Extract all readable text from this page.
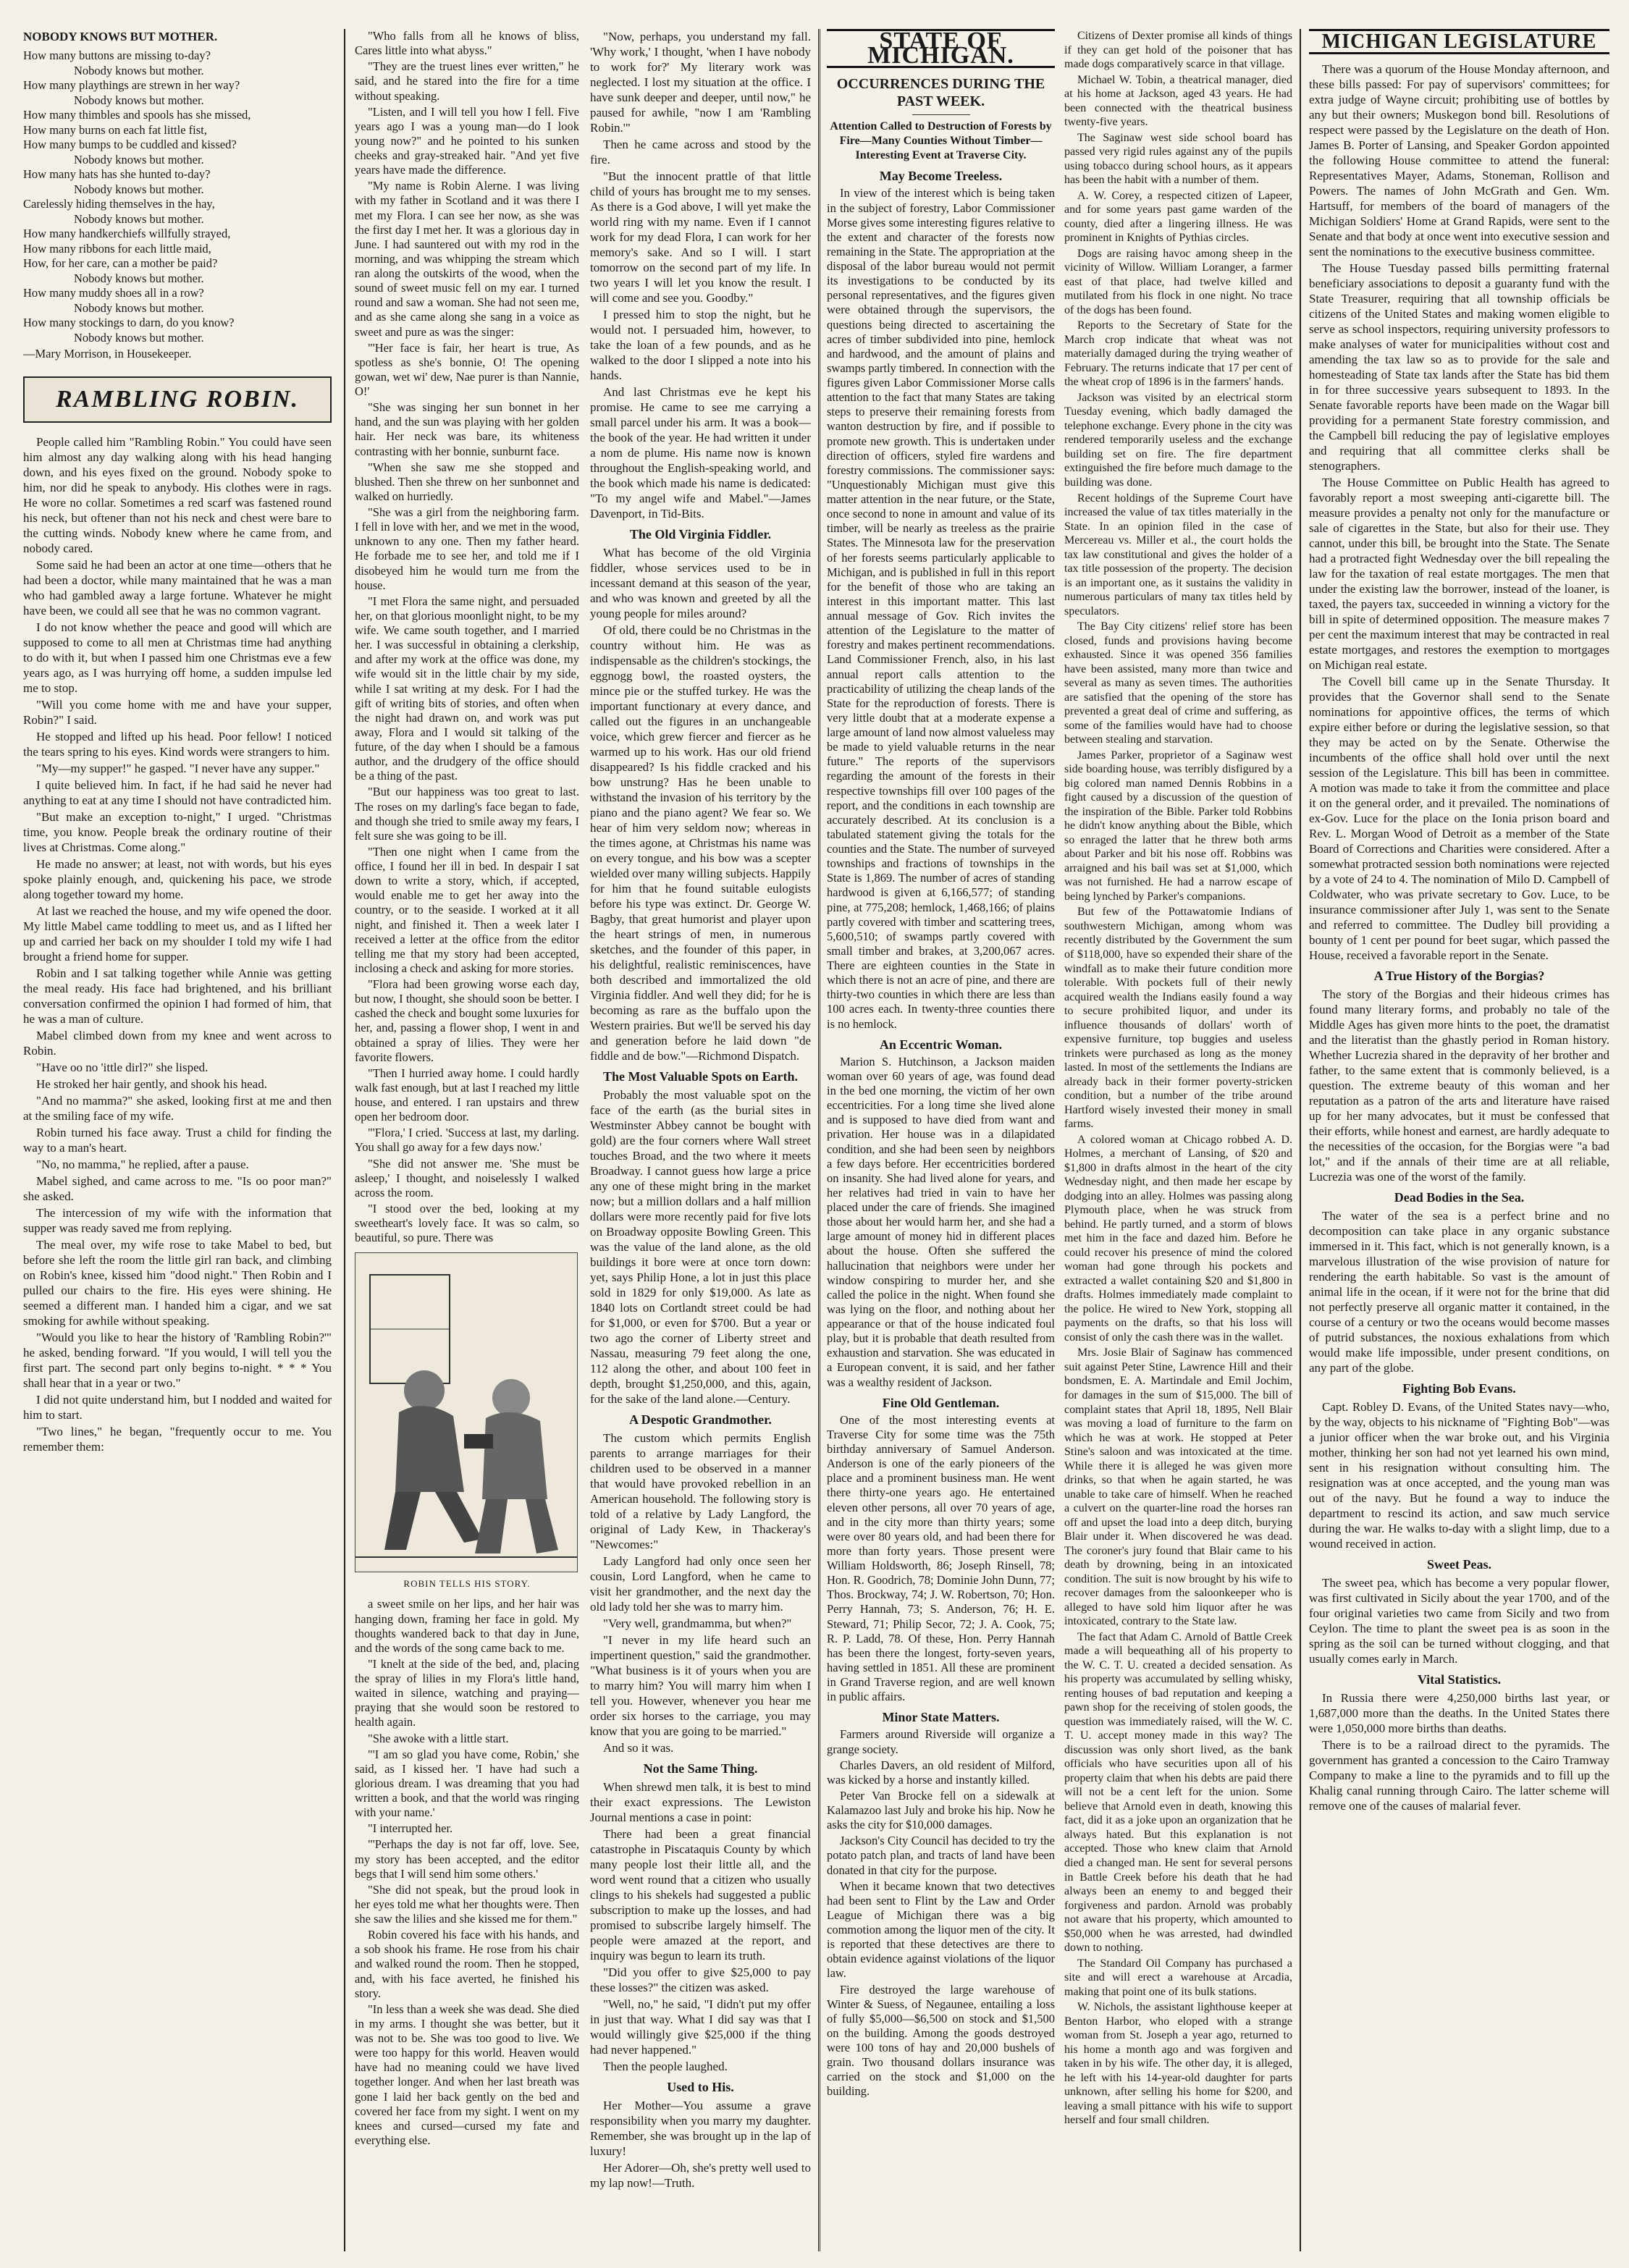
NOBODY KNOWS BUT MOTHER.
How many buttons are missing to-day?
Nobody knows but mother.
How many playthings are strewn in her way?
Nobody knows but mother.
How many thimbles and spools has she missed,
How many burns on each fat little fist,
How many bumps to be cuddled and kissed?
Nobody knows but mother.
How many hats has she hunted to-day?
Nobody knows but mother.
Carelessly hiding themselves in the hay,
Nobody knows but mother.
How many handkerchiefs willfully strayed,
How many ribbons for each little maid,
How, for her care, can a mother be paid?
Nobody knows but mother.
How many muddy shoes all in a row?
Nobody knows but mother.
How many stockings to darn, do you know?
Nobody knows but mother.
—Mary Morrison, in Housekeeper.
RAMBLING ROBIN.

People called him "Rambling Robin." You could have seen him almost any day walking along with his head hanging down, and his eyes fixed on the ground. Nobody spoke to him, nor did he speak to anybody. His clothes were in rags. He wore no collar. Sometimes a red scarf was fastened round his neck, but oftener than not his neck and chest were bare to the cutting winds. Nobody knew where he came from, and nobody cared.

Some said he had been an actor at one time—others that he had been a doctor, while many maintained that he was a man who had gambled away a large fortune. Whatever he might have been, we could all see that he was no common vagrant.

I do not know whether the peace and good will which are supposed to come to all men at Christmas time had anything to do with it, but when I passed him one Christmas eve a few years ago, as I was hurrying off home, a sudden impulse led me to stop.

"Will you come home with me and have your supper, Robin?" I said.

He stopped and lifted up his head. Poor fellow! I noticed the tears spring to his eyes. Kind words were strangers to him.

"My—my supper!" he gasped. "I never have any supper."

I quite believed him. In fact, if he had said he never had anything to eat at any time I should not have contradicted him.

"But make an exception to-night," I urged. "Christmas time, you know. People break the ordinary routine of their lives at Christmas. Come along."

He made no answer; at least, not with words, but his eyes spoke plainly enough, and, quickening his pace, we strode along together toward my home.

At last we reached the house, and my wife opened the door. My little Mabel came toddling to meet us, and as I lifted her up and carried her back on my shoulder I told my wife I had brought a friend home for supper.

Robin and I sat talking together while Annie was getting the meal ready. His face had brightened, and his brilliant conversation confirmed the opinion I had formed of him, that he was a man of culture.

Mabel climbed down from my knee and went across to Robin.

"Have oo no 'ittle dirl?" she lisped.

He stroked her hair gently, and shook his head.

"And no mamma?" she asked, looking first at me and then at the smiling face of my wife.

Robin turned his face away. Trust a child for finding the way to a man's heart.

"No, no mamma," he replied, after a pause.

Mabel sighed, and came across to me. "Is oo poor man?" she asked.

The intercession of my wife with the information that supper was ready saved me from replying.

The meal over, my wife rose to take Mabel to bed, but before she left the room the little girl ran back, and climbing on Robin's knee, kissed him "dood night." Then Robin and I pulled our chairs to the fire. His eyes were shining. He seemed a different man. I handed him a cigar, and we sat smoking for awhile without speaking.

"Would you like to hear the history of 'Rambling Robin?'" he asked, bending forward. "If you would, I will tell you the first part. The second part only begins to-night. * * * You shall hear that in a year or two."

I did not quite understand him, but I nodded and waited for him to start.

"Two lines," he began, "frequently occur to me. You remember them:

"Who falls from all he knows of bliss, Cares little into what abyss."

"They are the truest lines ever written," he said, and he stared into the fire for a time without speaking.

"Listen, and I will tell you how I fell. Five years ago I was a young man—do I look young now?" and he pointed to his sunken cheeks and gray-streaked hair. "And yet five years have made the difference.

"My name is Robin Alerne. I was living with my father in Scotland and it was there I met my Flora. I can see her now, as she was the first day I met her. It was a glorious day in June. I had sauntered out with my rod in the morning, and was whipping the stream which ran along the outskirts of the wood, when the sound of sweet music fell on my ear. I turned round and saw a woman. She had not seen me, and as she came along she sang in a voice as sweet and pure as was the singer:

"'Her face is fair, her heart is true, As spotless as she's bonnie, O! The opening gowan, wet wi' dew, Nae purer is than Nannie, O!'

"She was singing her sun bonnet in her hand, and the sun was playing with her golden hair. Her neck was bare, its whiteness contrasting with her bonnie, sunburnt face.

"When she saw me she stopped and blushed. Then she threw on her sunbonnet and walked on hurriedly.

"She was a girl from the neighboring farm. I fell in love with her, and we met in the wood, unknown to any one. Then my father heard. He forbade me to see her, and told me if I disobeyed him he would turn me from the house.

"I met Flora the same night, and persuaded her, on that glorious moonlight night, to be my wife. We came south together, and I married her. I was successful in obtaining a clerkship, and after my work at the office was done, my wife would sit in the little chair by my side, while I sat writing at my desk. For I had the gift of writing bits of stories, and often when the night had drawn on, and work was put away, Flora and I would sit talking of the future, of the day when I should be a famous author, and the drudgery of the office should be a thing of the past.

"But our happiness was too great to last. The roses on my darling's face began to fade, and though she tried to smile away my fears, I felt sure she was going to be ill.

"Then one night when I came from the office, I found her ill in bed. In despair I sat down to write a story, which, if accepted, would enable me to get her away into the country, or to the seaside. I worked at it all night, and finished it. Then a week later I received a letter at the office from the editor telling me that my story had been accepted, inclosing a check and asking for more stories.

"Flora had been growing worse each day, but now, I thought, she should soon be better. I cashed the check and bought some luxuries for her, and, passing a flower shop, I went in and obtained a spray of lilies. They were her favorite flowers.

"Then I hurried away home. I could hardly walk fast enough, but at last I reached my little house, and entered. I ran upstairs and threw open her bedroom door.

"'Flora,' I cried. 'Success at last, my darling. You shall go away for a few days now.'

"She did not answer me. 'She must be asleep,' I thought, and noiselessly I walked across the room.

"I stood over the bed, looking at my sweetheart's lovely face. It was so calm, so beautiful, so pure. There was

ROBIN TELLS HIS STORY.

a sweet smile on her lips, and her hair was hanging down, framing her face in gold. My thoughts wandered back to that day in June, and the words of the song came back to me.

"I knelt at the side of the bed, and, placing the spray of lilies in my Flora's little hand, waited in silence, watching and praying—praying that she would soon be restored to health again.

"She awoke with a little start.

"'I am so glad you have come, Robin,' she said, as I kissed her. 'I have had such a glorious dream. I was dreaming that you had written a book, and that the world was ringing with your name.'

"I interrupted her.

"'Perhaps the day is not far off, love. See, my story has been accepted, and the editor begs that I will send him some others.'

"She did not speak, but the proud look in her eyes told me what her thoughts were. Then she saw the lilies and she kissed me for them."

Robin covered his face with his hands, and a sob shook his frame. He rose from his chair and walked round the room. Then he stopped, and, with his face averted, he finished his story.

"In less than a week she was dead. She died in my arms. I thought she was better, but it was not to be. She was too good to live. We were too happy for this world. Heaven would have had no meaning could we have lived together longer. And when her last breath was gone I laid her back gently on the bed and covered her face from my sight. I went on my knees and cursed—cursed my fate and everything else.

"Now, perhaps, you understand my fall. 'Why work,' I thought, 'when I have nobody to work for?' My literary work was neglected. I lost my situation at the office. I have sunk deeper and deeper, until now," he paused for awhile, "now I am 'Rambling Robin.'"

Then he came across and stood by the fire.

"But the innocent prattle of that little child of yours has brought me to my senses. As there is a God above, I will yet make the world ring with my name. Even if I cannot work for my dead Flora, I can work for her memory's sake. And so I will. I start tomorrow on the second part of my life. In two years I will let you know the result. I will come and see you. Goodby."

I pressed him to stop the night, but he would not. I persuaded him, however, to take the loan of a few pounds, and as he walked to the door I slipped a note into his hands.

And last Christmas eve he kept his promise. He came to see me carrying a small parcel under his arm. It was a book—the book of the year. He had written it under a nom de plume. His name now is known throughout the English-speaking world, and the book which made his name is dedicated: "To my angel wife and Mabel."—James Davenport, in Tid-Bits.

The Old Virginia Fiddler.

What has become of the old Virginia fiddler, whose services used to be in incessant demand at this season of the year, and who was known and greeted by all the young people for miles around?

Of old, there could be no Christmas in the country without him. He was as indispensable as the children's stockings, the eggnogg bowl, the roasted oysters, the mince pie or the stuffed turkey. He was the important functionary at every dance, and called out the figures in an unchangeable voice, which grew fiercer and fiercer as he warmed up to his work. Has our old friend disappeared? Is his fiddle cracked and his bow unstrung? Has he been unable to withstand the invasion of his territory by the piano and the piano agent? We fear so. We hear of him very seldom now; whereas in the times agone, at Christmas his name was on every tongue, and his bow was a scepter wielded over many willing subjects. Happily for him that he found suitable eulogists before his type was extinct. Dr. George W. Bagby, that great humorist and player upon the heart strings of men, in numerous sketches, and the founder of this paper, in his delightful, realistic reminiscences, have both described and immortalized the old Virginia fiddler. And well they did; for he is becoming as rare as the buffalo upon the Western prairies. But we'll be served his day and generation before he laid down "de fiddle and de bow."—Richmond Dispatch.

The Most Valuable Spots on Earth.

Probably the most valuable spot on the face of the earth (as the burial sites in Westminster Abbey cannot be bought with gold) are the four corners where Wall street touches Broad, and the two where it meets Broadway. I cannot guess how large a price any one of these might bring in the market now; but a million dollars and a half million dollars were more recently paid for five lots on Broadway opposite Bowling Green. This was the value of the land alone, as the old buildings it bore were at once torn down: yet, says Philip Hone, a lot in just this place sold in 1829 for only $19,000. As late as 1840 lots on Cortlandt street could be had for $1,000, or even for $700. But a year or two ago the corner of Liberty street and Nassau, measuring 79 feet along the one, 112 along the other, and about 100 feet in depth, brought $1,250,000, and this, again, for the sake of the land alone.—Century.

A Despotic Grandmother.

The custom which permits English parents to arrange marriages for their children used to be observed in a manner that would have provoked rebellion in an American household. The following story is told of a relative by Lady Langford, the original of Lady Kew, in Thackeray's "Newcomes:"

Lady Langford had only once seen her cousin, Lord Langford, when he came to visit her grandmother, and the next day the old lady told her she was to marry him.

"Very well, grandmamma, but when?"

"I never in my life heard such an impertinent question," said the grandmother. "What business is it of yours when you are to marry him? You will marry him when I tell you. However, whenever you hear me order six horses to the carriage, you may know that you are going to be married."

And so it was.

Not the Same Thing.

When shrewd men talk, it is best to mind their exact expressions. The Lewiston Journal mentions a case in point:

There had been a great financial catastrophe in Piscataquis County by which many people lost their little all, and the word went round that a citizen who usually clings to his shekels had suggested a public subscription to make up the losses, and had promised to subscribe largely himself. The people were amazed at the report, and inquiry was begun to learn its truth.

"Did you offer to give $25,000 to pay these losses?" the citizen was asked.

"Well, no," he said, "I didn't put my offer in just that way. What I did say was that I would willingly give $25,000 if the thing had never happened."

Then the people laughed.

Used to His.

Her Mother—You assume a grave responsibility when you marry my daughter. Remember, she was brought up in the lap of luxury!

Her Adorer—Oh, she's pretty well used to my lap now!—Truth.

STATE OF MICHIGAN.
OCCURRENCES DURING THE PAST WEEK.
Attention Called to Destruction of Forests by Fire—Many Counties Without Timber—Interesting Event at Traverse City.
May Become Treeless.

In view of the interest which is being taken in the subject of forestry, Labor Commissioner Morse gives some interesting figures relative to the extent and character of the forests now remaining in the State. The appropriation at the disposal of the labor bureau would not permit its investigations to be conducted by its personal representatives, and the figures given were obtained through the supervisors, the questions being directed to ascertaining the acres of timber subdivided into pine, hemlock and hardwood, and the amount of plains and swamps partly timbered. In connection with the figures given Labor Commissioner Morse calls attention to the fact that many States are taking steps to preserve their remaining forests from wanton destruction by fire, and if possible to promote new growth. This is undertaken under direction of officers, styled fire wardens and forestry commissions. The commissioner says: "Unquestionably Michigan must give this matter attention in the near future, or the State, once second to none in amount and value of its timber, will be nearly as treeless as the prairie States. The Minnesota law for the preservation of her forests seems particularly applicable to Michigan, and is published in full in this report for the benefit of those who are taking an interest in this important matter. This last annual message of Gov. Rich invites the attention of the Legislature to the matter of forestry and makes pertinent recommendations. Land Commissioner French, also, in his last annual report calls attention to the practicability of utilizing the cheap lands of the State for the reproduction of forests. There is very little doubt that at a moderate expense a large amount of land now almost valueless may be made to yield valuable returns in the near future." The reports of the supervisors regarding the amount of the forests in their respective townships fill over 100 pages of the report, and the conditions in each township are accurately described. At its conclusion is a tabulated statement giving the totals for the counties and the State. The number of surveyed townships and fractions of townships in the State is 1,869. The number of acres of standing hardwood is given at 6,166,577; of standing pine, at 775,208; hemlock, 1,468,166; of plains partly covered with timber and scattering trees, 5,600,510; of swamps partly covered with small timber and brakes, at 3,200,067 acres. There are eighteen counties in the State in which there is not an acre of pine, and there are thirty-two counties in which there are less than 100 acres each. In twenty-three counties there is no hemlock.

An Eccentric Woman.

Marion S. Hutchinson, a Jackson maiden woman over 60 years of age, was found dead in the bed one morning, the victim of her own eccentricities. For a long time she lived alone and is supposed to have died from want and privation. Her house was in a dilapidated condition, and she had been seen by neighbors a few days before. Her eccentricities bordered on insanity. She had lived alone for years, and her relatives had tried in vain to have her placed under the care of friends. She imagined those about her would harm her, and she had a large amount of money hid in different places about the house. Often she suffered the hallucination that neighbors were under her window conspiring to murder her, and she called the police in the night. When found she was lying on the floor, and nothing about her appearance or that of the house indicated foul play, but it is probable that death resulted from exhaustion and starvation. She was educated in a European convent, it is said, and her father was a wealthy resident of Jackson.

Fine Old Gentleman.

One of the most interesting events at Traverse City for some time was the 75th birthday anniversary of Samuel Anderson. Anderson is one of the early pioneers of the place and a prominent business man. He went there thirty-one years ago. He entertained eleven other persons, all over 70 years of age, and in the city more than thirty years; some were over 80 years old, and had been there for more than forty years. Those present were William Holdsworth, 86; Joseph Rinsell, 78; Hon. R. Goodrich, 78; Dominie John Dunn, 77; Thos. Brockway, 74; J. W. Robertson, 70; Hon. Perry Hannah, 73; S. Anderson, 76; H. E. Steward, 71; Philip Secor, 72; J. A. Cook, 75; R. P. Ladd, 78. Of these, Hon. Perry Hannah has been there the longest, forty-seven years, having settled in 1851. All these are prominent in Grand Traverse region, and are well known in public affairs.

Minor State Matters.

Farmers around Riverside will organize a grange society.

Charles Davers, an old resident of Milford, was kicked by a horse and instantly killed.

Peter Van Brocke fell on a sidewalk at Kalamazoo last July and broke his hip. Now he asks the city for $10,000 damages.

Jackson's City Council has decided to try the potato patch plan, and tracts of land have been donated in that city for the purpose.

When it became known that two detectives had been sent to Flint by the Law and Order League of Michigan there was a big commotion among the liquor men of the city. It is reported that these detectives are there to obtain evidence against violations of the liquor law.

Fire destroyed the large warehouse of Winter & Suess, of Negaunee, entailing a loss of fully $5,000—$6,500 on stock and $1,500 on the building. Among the goods destroyed were 100 tons of hay and 20,000 bushels of grain. Two thousand dollars insurance was carried on the stock and $1,000 on the building.

Citizens of Dexter promise all kinds of things if they can get hold of the poisoner that has made dogs comparatively scarce in that village.

Michael W. Tobin, a theatrical manager, died at his home at Jackson, aged 43 years. He had been connected with the theatrical business twenty-five years.

The Saginaw west side school board has passed very rigid rules against any of the pupils using tobacco during school hours, as it appears has been the habit with a number of them.

A. W. Corey, a respected citizen of Lapeer, and for some years past game warden of the county, died after a lingering illness. He was prominent in Knights of Pythias circles.

Dogs are raising havoc among sheep in the vicinity of Willow. William Loranger, a farmer east of that place, had twelve killed and mutilated from his flock in one night. No trace of the dogs has been found.

Reports to the Secretary of State for the March crop indicate that wheat was not materially damaged during the trying weather of February. The returns indicate that 17 per cent of the wheat crop of 1896 is in the farmers' hands.

Jackson was visited by an electrical storm Tuesday evening, which badly damaged the telephone exchange. Every phone in the city was rendered temporarily useless and the exchange building set on fire. The fire department extinguished the fire before much damage to the building was done.

Recent holdings of the Supreme Court have increased the value of tax titles materially in the State. In an opinion filed in the case of Mercereau vs. Miller et al., the court holds the tax law constitutional and gives the holder of a tax title possession of the property. The decision is an important one, as it sustains the validity in numerous particulars of many tax titles held by speculators.

The Bay City citizens' relief store has been closed, funds and provisions having become exhausted. Since it was opened 356 families have been assisted, many more than twice and several as many as seven times. The authorities are satisfied that the opening of the store has prevented a great deal of crime and suffering, as some of the families would have had to choose between stealing and starvation.

James Parker, proprietor of a Saginaw west side boarding house, was terribly disfigured by a big colored man named Dennis Robbins in a fight caused by a discussion of the question of the inspiration of the Bible. Parker told Robbins he didn't know anything about the Bible, which so enraged the latter that he threw both arms about Parker and bit his nose off. Robbins was arraigned and his bail was set at $1,000, which was not furnished. He had a narrow escape of being lynched by Parker's companions.

But few of the Pottawatomie Indians of southwestern Michigan, among whom was recently distributed by the Government the sum of $118,000, have so expended their share of the windfall as to make their future condition more tolerable. With pockets full of their newly acquired wealth the Indians easily found a way to secure prohibited liquor, and under its influence thousands of dollars' worth of expensive furniture, top buggies and useless trinkets were purchased as long as the money lasted. In most of the settlements the Indians are already back in their former poverty-stricken condition, but a number of the tribe around Hartford wisely invested their money in small farms.

A colored woman at Chicago robbed A. D. Holmes, a merchant of Lansing, of $20 and $1,800 in drafts almost in the heart of the city Wednesday night, and then made her escape by dodging into an alley. Holmes was passing along Plymouth place, when he was struck from behind. He partly turned, and a storm of blows met him in the face and dazed him. Before he could recover his presence of mind the colored woman had gone through his pockets and extracted a wallet containing $20 and $1,800 in drafts. Holmes immediately made complaint to the police. He wired to New York, stopping all payments on the drafts, so that his loss will consist of only the cash there was in the wallet.

Mrs. Josie Blair of Saginaw has commenced suit against Peter Stine, Lawrence Hill and their bondsmen, E. A. Martindale and Emil Jochim, for damages in the sum of $15,000. The bill of complaint states that April 18, 1895, Nell Blair was moving a load of furniture to the farm on which he was at work. He stopped at Peter Stine's saloon and was intoxicated at the time. While there it is alleged he was given more drinks, so that when he again started, he was unable to take care of himself. When he reached a culvert on the quarter-line road the horses ran off and upset the load into a deep ditch, burying Blair under it. When discovered he was dead. The coroner's jury found that Blair came to his death by drowning, being in an intoxicated condition. The suit is now brought by his wife to recover damages from the saloonkeeper who is alleged to have sold him liquor after he was intoxicated, contrary to the State law.

The fact that Adam C. Arnold of Battle Creek made a will bequeathing all of his property to the W. C. T. U. created a decided sensation. As his property was accumulated by selling whisky, renting houses of bad reputation and keeping a pawn shop for the receiving of stolen goods, the question was immediately raised, will the W. C. T. U. accept money made in this way? The discussion was only short lived, as the bank officials who have securities upon all of his property claim that when his debts are paid there will not be a cent left for the union. Some believe that Arnold even in death, knowing this fact, did it as a joke upon an organization that he always hated. But this explanation is not accepted. Those who knew claim that Arnold died a changed man. He sent for several persons in Battle Creek before his death that he had always been an enemy to and begged their forgiveness and pardon. Arnold was probably not aware that his property, which amounted to $50,000 when he was arrested, had dwindled down to nothing.

The Standard Oil Company has purchased a site and will erect a warehouse at Arcadia, making that point one of its bulk stations.

W. Nichols, the assistant lighthouse keeper at Benton Harbor, who eloped with a strange woman from St. Joseph a year ago, returned to his home a month ago and was forgiven and taken in by his wife. The other day, it is alleged, he left with his 14-year-old daughter for parts unknown, after selling his home for $200, and leaving a small pittance with his wife to support herself and four small children.

MICHIGAN LEGISLATURE

There was a quorum of the House Monday afternoon, and these bills passed: For pay of supervisors' committees; for extra judge of Wayne circuit; prohibiting use of bottles by any but their owners; Muskegon bond bill. Resolutions of respect were passed by the Legislature on the death of Hon. James B. Porter of Lansing, and Speaker Gordon appointed the following House committee to attend the funeral: Representatives Mayer, Adams, Stoneman, Rollison and Powers. The names of John McGrath and Gen. Wm. Hartsuff, for members of the board of managers of the Michigan Soldiers' Home at Grand Rapids, were sent to the Senate and that body at once went into executive session and sent the nominations to the executive business committee.

The House Tuesday passed bills permitting fraternal beneficiary associations to deposit a guaranty fund with the State Treasurer, requiring that all township officials be citizens of the United States and making women eligible to serve as school inspectors, requiring university professors to make analyses of water for municipalities without cost and amending the tax law so as to provide for the sale and homesteading of State tax lands after the State has bid them in for three successive years subsequent to 1893. In the Senate favorable reports have been made on the Wagar bill providing for a permanent State forestry commission, and the Campbell bill reducing the pay of legislative employes and requiring that all committee clerks shall be stenographers.

The House Committee on Public Health has agreed to favorably report a most sweeping anti-cigarette bill. The measure provides a penalty not only for the manufacture or sale of cigarettes in the State, but also for their use. They cannot, under this bill, be brought into the State. The Senate had a protracted fight Wednesday over the bill repealing the law for the taxation of real estate mortgages. The men that under the existing law the borrower, instead of the loaner, is taxed, the payers tax, succeeded in winning a victory for the bill in spite of determined opposition. The measure makes 7 per cent the maximum interest that may be contracted in real estate mortgages, and restores the exemption to mortgages on Michigan real estate.

The Covell bill came up in the Senate Thursday. It provides that the Governor shall send to the Senate nominations for appointive offices, the terms of which expire either before or during the legislative session, so that they may be acted on by the Senate. Otherwise the incumbents of the office shall hold over until the next session of the Legislature. This bill has been in committee. A motion was made to take it from the committee and place it on the general order, and it prevailed. The nominations of ex-Gov. Luce for the place on the Ionia prison board and Rev. L. Morgan Wood of Detroit as a member of the State Board of Corrections and Charities were considered. After a somewhat protracted session both nominations were rejected by a vote of 24 to 4. The nomination of Milo D. Campbell of Coldwater, who was private secretary to Gov. Luce, to be insurance commissioner after July 1, was sent to the Senate and referred to committee. The Dudley bill providing a bounty of 1 cent per pound for beet sugar, which passed the House, received a favorable report in the Senate.

A True History of the Borgias?

The story of the Borgias and their hideous crimes has found many literary forms, and probably no tale of the Middle Ages has given more hints to the poet, the dramatist and the literatist than the ghastly period in Roman history. Whether Lucrezia shared in the depravity of her brother and father, to the same extent that is commonly believed, is a question. The extreme beauty of this woman and her reputation as a patron of the arts and literature have raised up for her many advocates, but it must be confessed that their efforts, while honest and earnest, are hardly adequate to the necessities of the occasion, for the Borgias were "a bad lot," and if the annals of their time are at all reliable, Lucrezia was one of the worst of the family.

Dead Bodies in the Sea.

The water of the sea is a perfect brine and no decomposition can take place in any organic substance immersed in it. This fact, which is not generally known, is a marvelous illustration of the wise provision of nature for rendering the earth habitable. So vast is the amount of animal life in the ocean, if it were not for the brine that did not perfectly preserve all organic matter it contained, in the course of a century or two the oceans would become masses of putrid substances, the noxious exhalations from which would make life impossible, under present conditions, on any part of the globe.

Fighting Bob Evans.

Capt. Robley D. Evans, of the United States navy—who, by the way, objects to his nickname of "Fighting Bob"—was a junior officer when the war broke out, and his Virginia mother, thinking her son had not yet learned his own mind, sent in his resignation without consulting him. The resignation was at once accepted, and the young man was out of the navy. But he found a way to induce the department to rescind its action, and saw much service during the war. He walks to-day with a slight limp, due to a wound received in action.

Sweet Peas.

The sweet pea, which has become a very popular flower, was first cultivated in Sicily about the year 1700, and of the four original varieties two came from Sicily and two from Ceylon. The time to plant the sweet pea is as soon in the spring as the soil can be turned without clogging, and that usually comes early in March.

Vital Statistics.

In Russia there were 4,250,000 births last year, or 1,687,000 more than the deaths. In the United States there were 1,050,000 more births than deaths.

There is to be a railroad direct to the pyramids. The government has granted a concession to the Cairo Tramway Company to make a line to the pyramids and to fill up the Khalig canal running through Cairo. The latter scheme will remove one of the causes of malarial fever.
